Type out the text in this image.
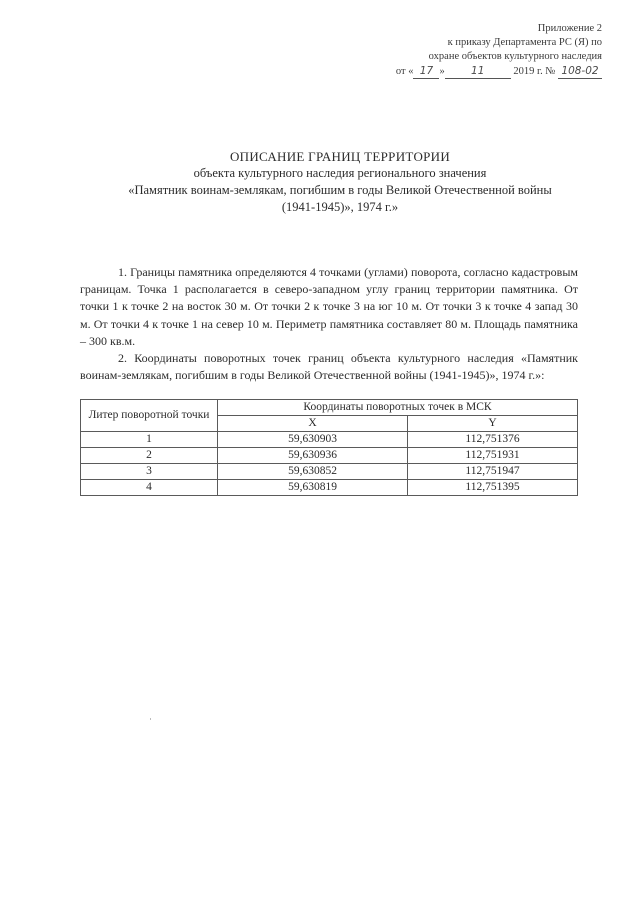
Приложение 2
к приказу Департамента РС (Я) по
охране объектов культурного наследия
от « 17 »	11	2019 г. № 108-02
ОПИСАНИЕ ГРАНИЦ ТЕРРИТОРИИ
объекта культурного наследия регионального значения
«Памятник воинам-землякам, погибшим в годы Великой Отечественной войны
(1941-1945)», 1974 г.»

1. Границы памятника определяются 4 точками (углами) поворота, согласно кадастровым границам. Точка 1 располагается в северо-западном углу границ территории памятника. От точки 1 к точке 2 на восток 30 м. От точки 2 к точке 3 на юг 10 м. От точки 3 к точке 4 запад 30 м. От точки 4 к точке 1 на север 10 м. Периметр памятника составляет 80 м. Площадь памятника – 300 кв.м.

2. Координаты поворотных точек границ объекта культурного наследия «Памятник воинам-землякам, погибшим в годы Великой Отечественной войны (1941-1945)», 1974 г.»:

Литер поворотной точки	Координаты поворотных точек в МСК	
	X	Y
1	59,630903	112,751376
2	59,630936	112,751931
3	59,630852	112,751947
4	59,630819	112,751395
